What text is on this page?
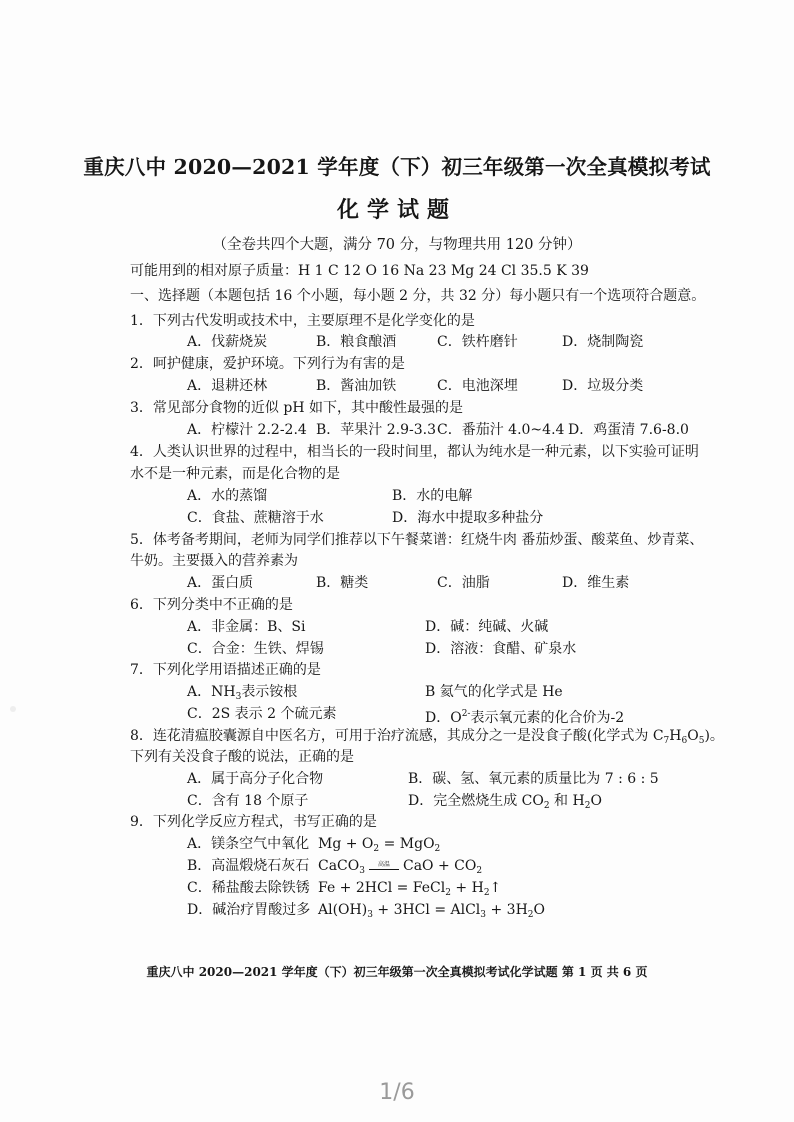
重庆八中 2020—2021 学年度（下）初三年级第一次全真模拟考试
化学试题
（全卷共四个大题，满分 70 分，与物理共用 120 分钟）
可能用到的相对原子质量：H 1 C 12 O 16 Na 23 Mg 24 Cl 35.5 K 39
一、选择题（本题包括 16 个小题，每小题 2 分，共 32 分）每小题只有一个选项符合题意。
1．下列古代发明或技术中，主要原理不是化学变化的是
A．伐薪烧炭	B．粮食酿酒	C．铁杵磨针	D．烧制陶瓷
2．呵护健康，爱护环境。下列行为有害的是
A．退耕还林	B．酱油加铁	C．电池深埋	D．垃圾分类
3．常见部分食物的近似 pH 如下，其中酸性最强的是
A．柠檬汁 2.2-2.4 B．苹果汁 2.9-3.3 C．番茄汁 4.0~4.4 D．鸡蛋清 7.6-8.0
4．人类认识世界的过程中，相当长的一段时间里，都认为纯水是一种元素，以下实验可证明
水不是一种元素，而是化合物的是
A．水的蒸馏	B．水的电解
C．食盐、蔗糖溶于水	D．海水中提取多种盐分
5．体考备考期间，老师为同学们推荐以下午餐菜谱：红烧牛肉 番茄炒蛋、酸菜鱼、炒青菜、
牛奶。主要摄入的营养素为
A．蛋白质	B．糖类	C．油脂	D．维生素
6．下列分类中不正确的是
A．非金属：B、Si	D．碱：纯碱、火碱
C．合金：生铁、焊锡	D．溶液：食醋、矿泉水
7．下列化学用语描述正确的是
A．$NH_3$表示铵根	B 氦气的化学式是 He
C．2S 表示 2 个硫元素	D．$O^{2-}$表示氧元素的化合价为-2
8．连花清瘟胶囊源自中医名方，可用于治疗流感，其成分之一是没食子酸(化学式为 $C_7H_6O_5$)。
下列有关没食子酸的说法，正确的是
A．属于高分子化合物	B．碳、氢、氧元素的质量比为 7 : 6 : 5
C．含有 18 个原子	D．完全燃烧生成 $CO_2$ 和 $H_2O$
9．下列化学反应方程式，书写正确的是
A．镁条空气中氧化 $Mg + O_2 = MgO_2$
B．高温煅烧石灰石 CaCO$_3$
高温 CaO + $CO_2$
C．稀盐酸去除铁锈 Fe + 2HCl = FeCl$_2$ + $H_2↑$
D．碱治疗胃酸过多 $Al(OH)_3 + 3HCl$ = AlCl$_3$ + $3H_2O$
重庆八中 2020—2021 学年度（下）初三年级第一次全真模拟考试化学试题 第 1 页 共 6 页
1/6
